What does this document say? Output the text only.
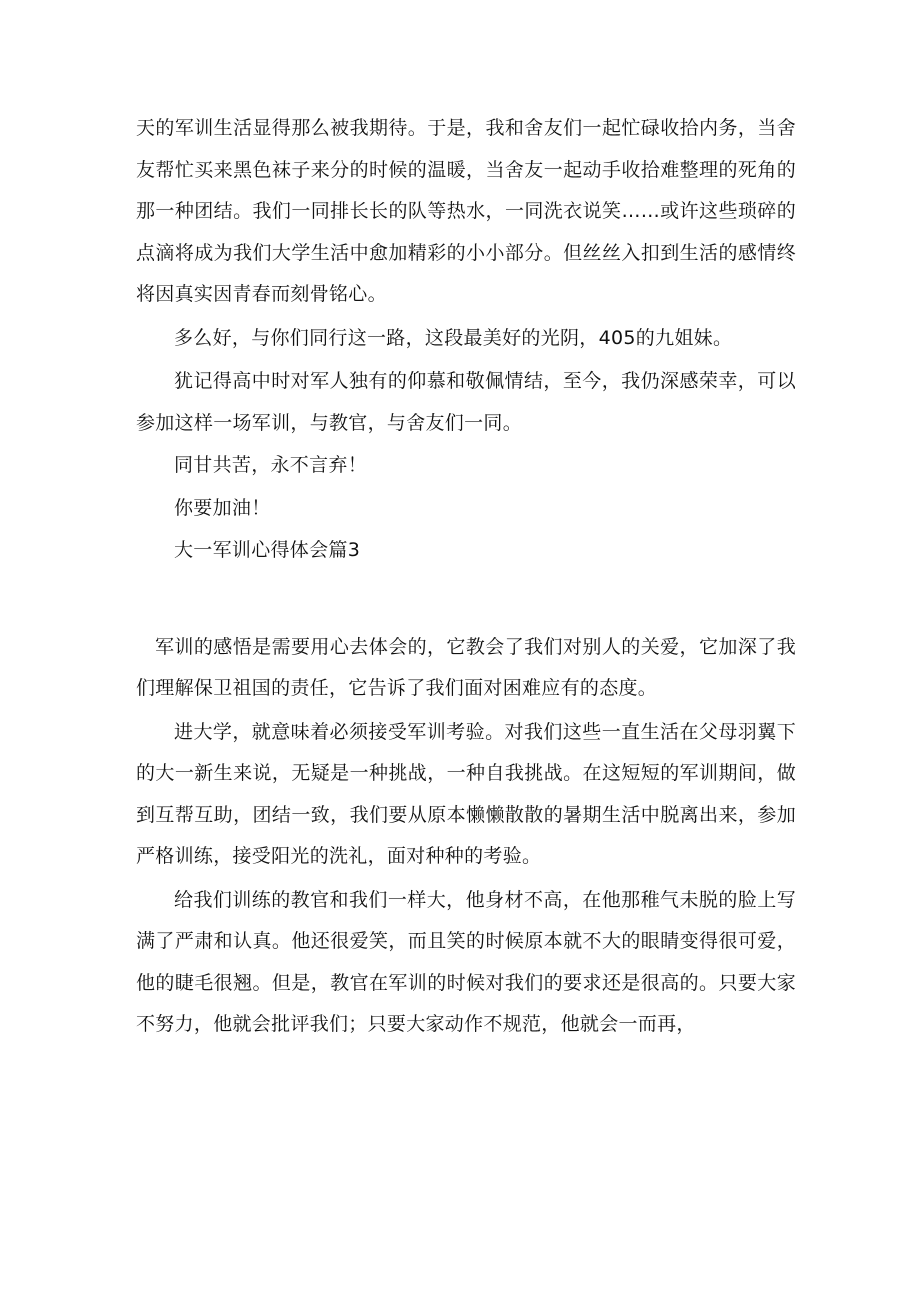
天的军训生活显得那么被我期待。于是，我和舍友们一起忙碌收拾内务，当舍友帮忙买来黑色袜子来分的时候的温暖，当舍友一起动手收拾难整理的死角的那一种团结。我们一同排长长的队等热水，一同洗衣说笑……或许这些琐碎的点滴将成为我们大学生活中愈加精彩的小小部分。但丝丝入扣到生活的感情终将因真实因青春而刻骨铭心。

多么好，与你们同行这一路，这段最美好的光阴，405的九姐妹。

犹记得高中时对军人独有的仰慕和敬佩情结，至今，我仍深感荣幸，可以参加这样一场军训，与教官，与舍友们一同。

同甘共苦，永不言弃！

你要加油！

大一军训心得体会篇3

军训的感悟是需要用心去体会的，它教会了我们对别人的关爱，它加深了我们理解保卫祖国的责任，它告诉了我们面对困难应有的态度。

进大学，就意味着必须接受军训考验。对我们这些一直生活在父母羽翼下的大一新生来说，无疑是一种挑战，一种自我挑战。在这短短的军训期间，做到互帮互助，团结一致，我们要从原本懒懒散散的暑期生活中脱离出来，参加严格训练，接受阳光的洗礼，面对种种的考验。

给我们训练的教官和我们一样大，他身材不高，在他那稚气未脱的脸上写满了严肃和认真。他还很爱笑，而且笑的时候原本就不大的眼睛变得很可爱，他的睫毛很翘。但是，教官在军训的时候对我们的要求还是很高的。只要大家不努力，他就会批评我们；只要大家动作不规范，他就会一而再，
